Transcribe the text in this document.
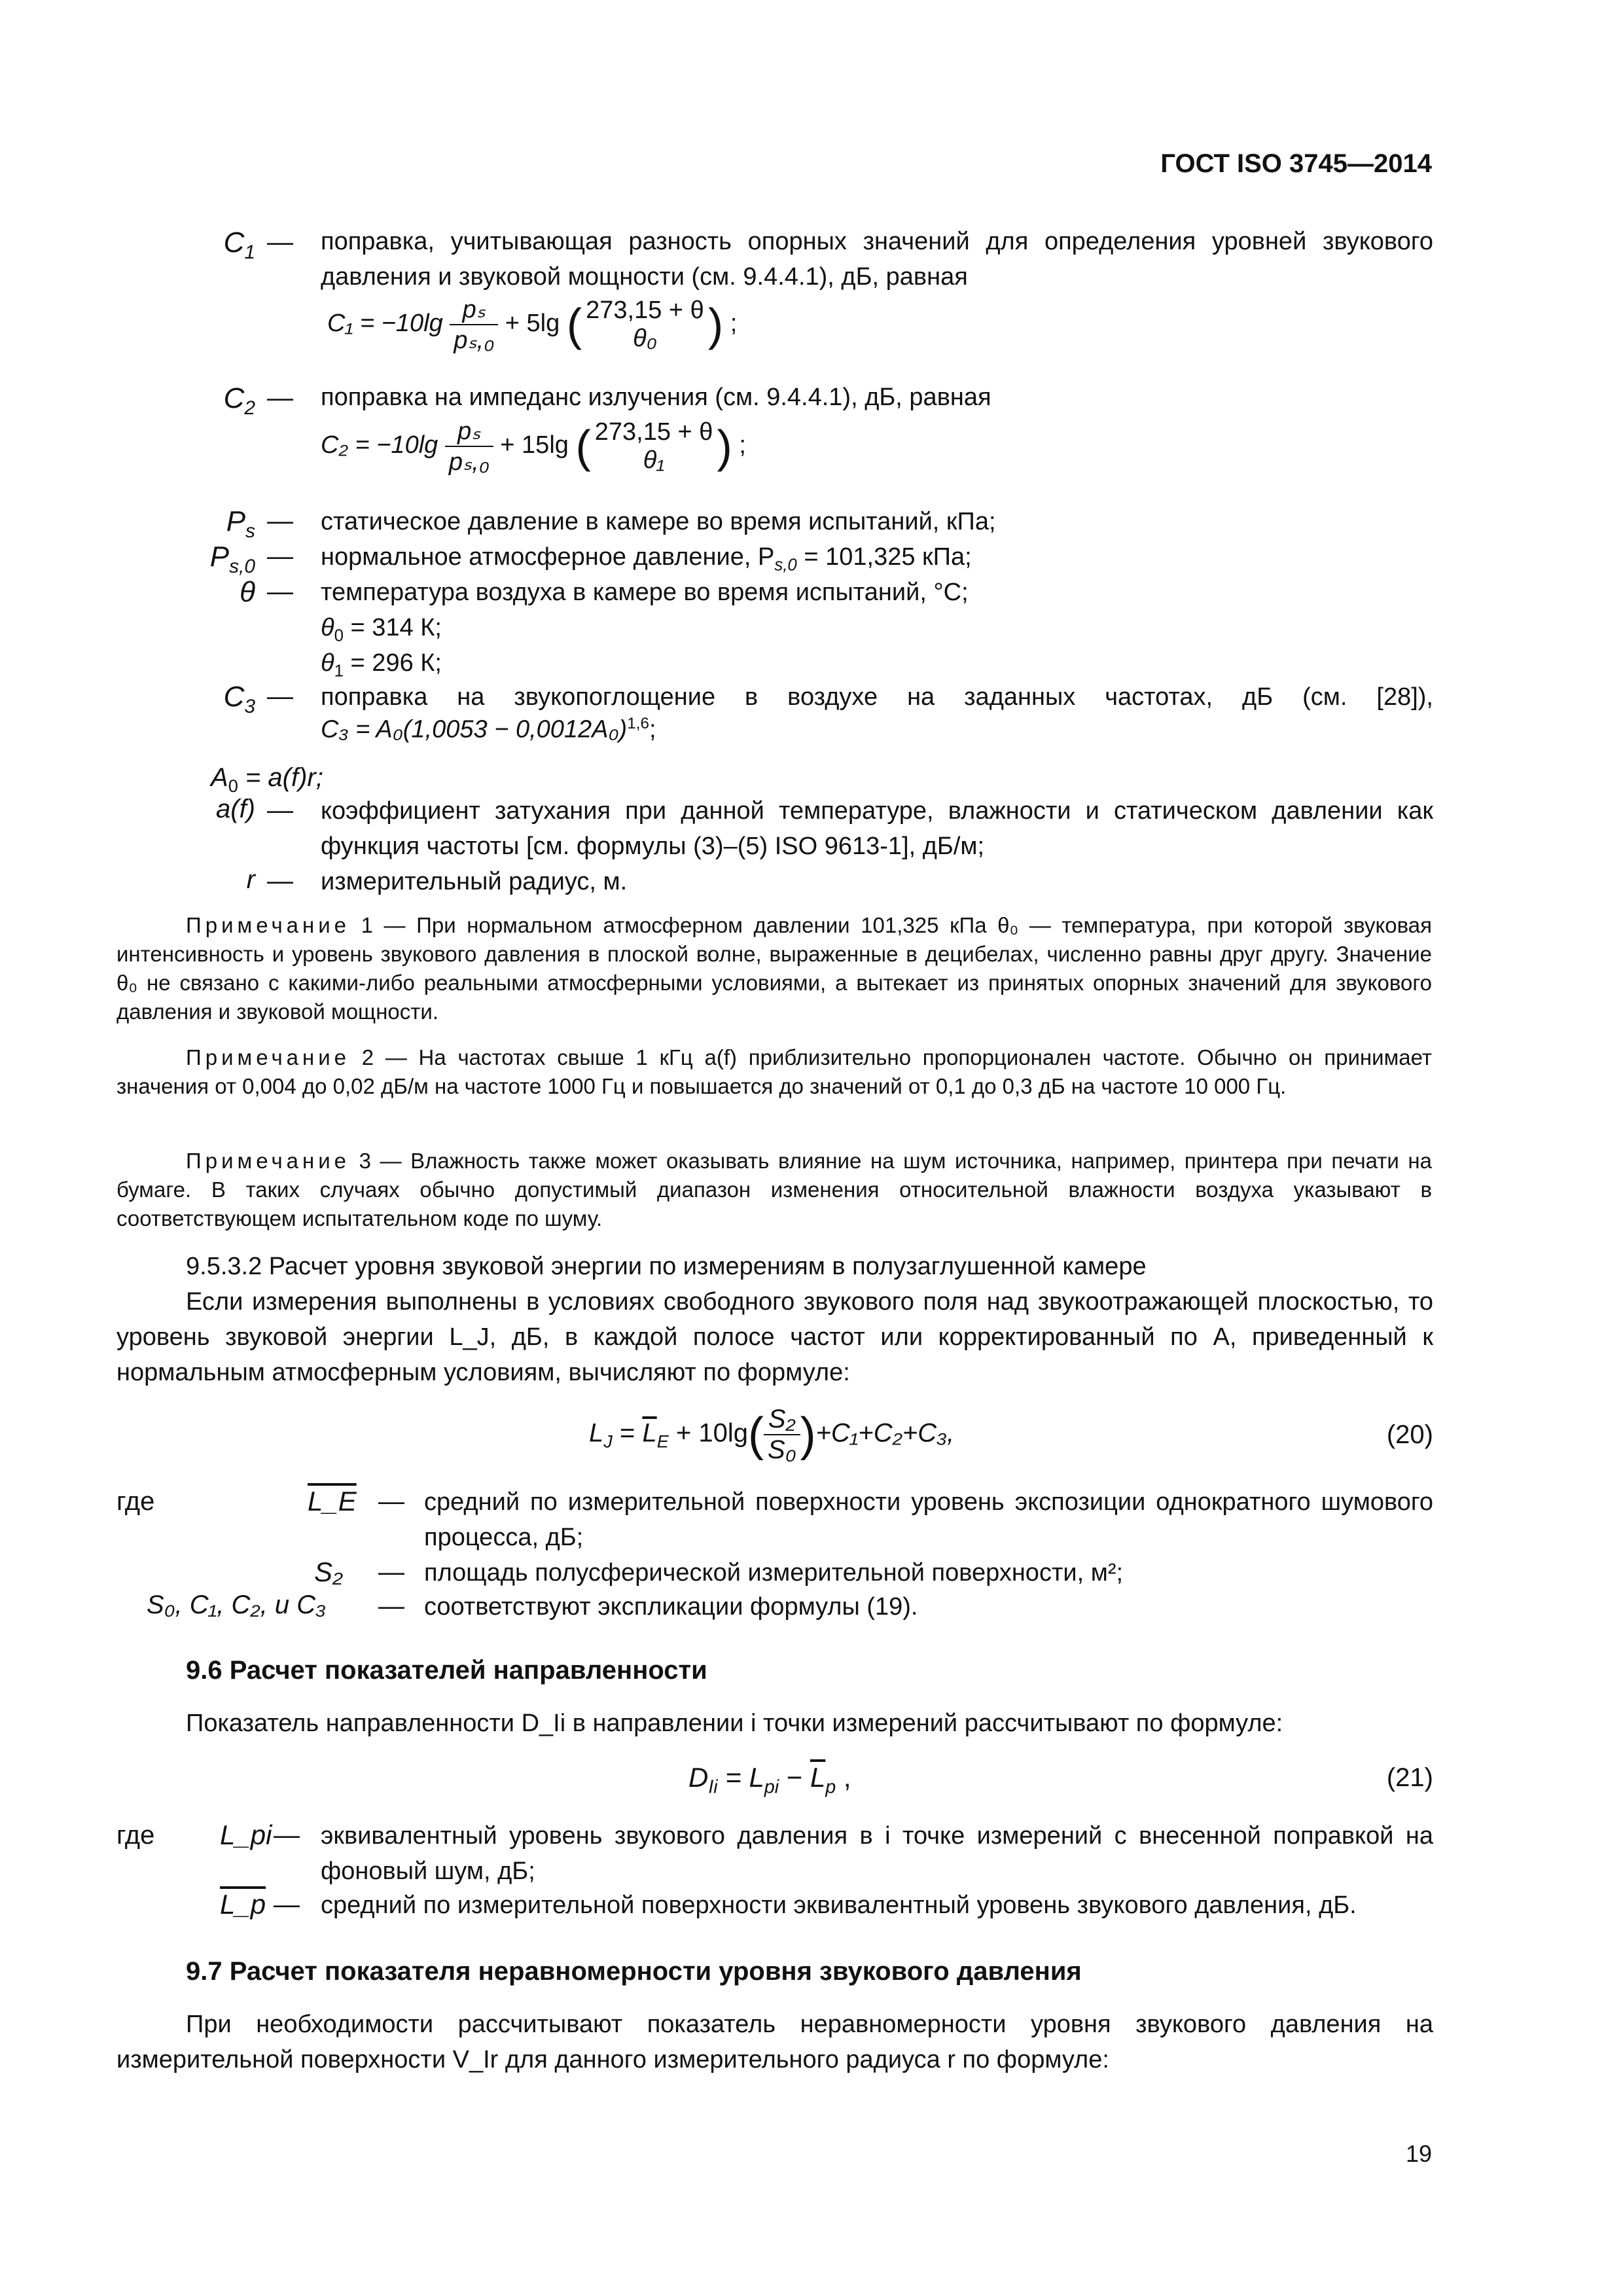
ГОСТ ISO 3745—2014
$C_1$ — поправка, учитывающая разность опорных значений для определения уровней звукового давления и звуковой мощности (см. 9.4.4.1), дБ, равная
$C_1 = -10\lg \frac{\text{pₛ}}{\text{pₛ,₀}} + 5\lg$ ( 273,15 + θ
θ₀	) ;
$C_2$ — поправка на импеданс излучения (см. 9.4.4.1), дБ, равная
$C_2 = -10\lg \frac{\text{pₛ}}{\text{pₛ,₀}} + 15\lg$ ( 273,15 + θ
θ₁	) ;
$P_s$ — статическое давление в камере во время испытаний, кПа;
$P_{s,0}$ — нормальное атмосферное давление, $P_{s,0} = 101,325$ кПа;
θ — температура воздуха в камере во время испытаний, °С;
$\theta_0 = 314$ К;
$\theta_1 = 296$ К;
$C_3$ — поправка на звукопоглощение в воздухе на заданных частотах, дБ (см. [28]),
$C_3 = A_0(1,0053 - 0,0012A_0)^{1,6}$;
$A_0 = a(f)r$;
a(f) — коэффициент затухания при данной температуре, влажности и статическом давлении как функция частоты [см. формулы (3)–(5) ISO 9613-1], дБ/м;
r — измерительный радиус, м.
Примечание 1 — При нормальном атмосферном давлении 101,325 кПа θ₀ — температура, при которой звуковая интенсивность и уровень звукового давления в плоской волне, выраженные в децибелах, численно равны друг другу. Значение θ₀ не связано с какими-либо реальными атмосферными условиями, а вытекает из принятых опорных значений для звукового давления и звуковой мощности.
Примечание 2 — На частотах свыше 1 кГц a(f) приблизительно пропорционален частоте. Обычно он принимает значения от 0,004 до 0,02 дБ/м на частоте 1000 Гц и повышается до значений от 0,1 до 0,3 дБ на частоте 10 000 Гц.
Примечание 3 — Влажность также может оказывать влияние на шум источника, например, принтера при печати на бумаге. В таких случаях обычно допустимый диапазон изменения относительной влажности воздуха указывают в соответствующем испытательном коде по шуму.
9.5.3.2 Расчет уровня звуковой энергии по измерениям в полузаглушенной камере
Если измерения выполнены в условиях свободного звукового поля над звукоотражающей плоскостью, то уровень звуковой энергии L_J, дБ, в каждой полосе частот или корректированный по A, приведенный к нормальным атмосферным условиям, вычисляют по формуле:
$L_J = \overline{L}_E + 10\lg( \frac{\text{S₂}}{\text{S₀}} )+C_1+C_2+C_3$,	(20)
где	L_E — средний по измерительной поверхности уровень экспозиции однократного шумового процесса, дБ;
S₂ — площадь полусферической измерительной поверхности, м²;
S₀, C₁, C₂, и C₃ — соответствуют экспликации формулы (19).
9.6 Расчет показателей направленности
Показатель направленности D_Ii в направлении i точки измерений рассчитывают по формуле:
$D_{Ii} = L_{pi} - \overline{L}_p$ ,	(21)
где L_pi — эквивалентный уровень звукового давления в i точке измерений с внесенной поправкой на фоновый шум, дБ;
L_p — средний по измерительной поверхности эквивалентный уровень звукового давления, дБ.
9.7 Расчет показателя неравномерности уровня звукового давления
При необходимости рассчитывают показатель неравномерности уровня звукового давления на измерительной поверхности V_Ir для данного измерительного радиуса r по формуле:
19
